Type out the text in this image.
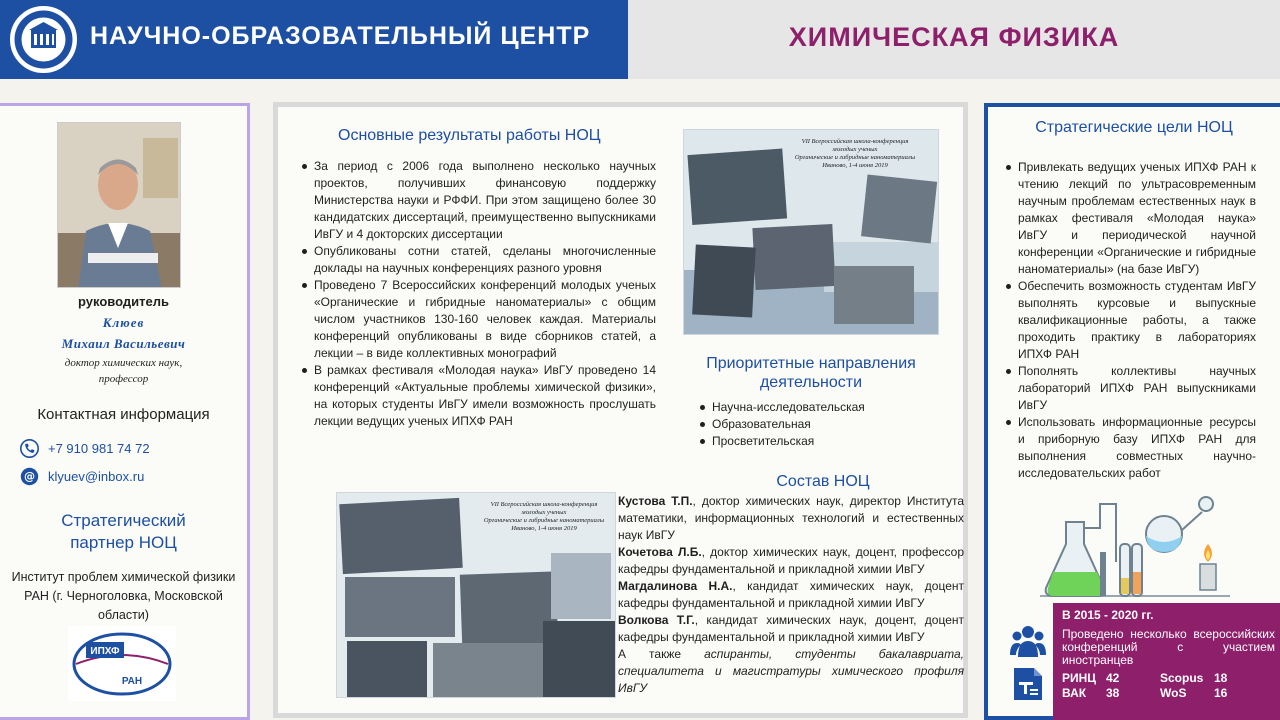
НАУЧНО-ОБРАЗОВАТЕЛЬНЫЙ ЦЕНТР	ХИМИЧЕСКАЯ ФИЗИКА
руководитель
Клюев
Михаил Васильевич
доктор химических наук,
профессор
Контактная информация
+7 910 981 74 72
@ klyuev@inbox.ru
Стратегический
партнер НОЦ
Институт проблем химической физики РАН (г. Черноголовка, Московской области)
ИПХФ
РАН
Основные результаты работы НОЦ
За период с 2006 года выполнено несколько научных проектов, получивших финансовую поддержку Министерства науки и РФФИ. При этом защищено более 30 кандидатских диссертаций, преимущественно выпускниками ИвГУ и 4 докторских диссертации
Опубликованы сотни статей, сделаны многочисленные доклады на научных конференциях разного уровня
Проведено 7 Всероссийских конференций молодых ученых «Органические и гибридные наноматериалы» с общим числом участников 130-160 человек каждая. Материалы конференций опубликованы в виде сборников статей, а лекции – в виде коллективных монографий
В рамках фестиваля «Молодая наука» ИвГУ проведено 14 конференций «Актуальные проблемы химической физики», на которых студенты ИвГУ имели возможность прослушать лекции ведущих ученых ИПХФ РАН
VII Всероссийская школа-конференция
молодых ученых
Органические и гибридные наноматериалы
Иваново, 1-4 июня 2019
Приоритетные направления
деятельности
Научна-исследовательская
Образовательная
Просветительская
Состав НОЦ
VII Всероссийская школа-конференция
молодых ученых
Органические и гибридные наноматериалы
Иваново, 1-4 июня 2019
Кустова Т.П., доктор химических наук, директор Института математики, информационных технологий и естественных наук ИвГУ
Кочетова Л.Б., доктор химических наук, доцент, профессор кафедры фундаментальной и прикладной химии ИвГУ
Магдалинова Н.А., кандидат химических наук, доцент кафедры фундаментальной и прикладной химии ИвГУ
Волкова Т.Г., кандидат химических наук, доцент, доцент кафедры фундаментальной и прикладной химии ИвГУ
А также аспиранты, студенты бакалавриата, специалитета и магистратуры химического профиля ИвГУ
Стратегические цели НОЦ
Привлекать ведущих ученых ИПХФ РАН к чтению лекций по ультрасовременным научным проблемам естественных наук в рамках фестиваля «Молодая наука» ИвГУ и периодической научной конференции «Органические и гибридные наноматериалы» (на базе ИвГУ)
Обеспечить возможность студентам ИвГУ выполнять курсовые и выпускные квалификационные работы, а также проходить практику в лабораториях ИПХФ РАН
Пополнять коллективы научных лабораторий ИПХФ РАН выпускниками ИвГУ
Использовать информационные ресурсы и приборную базу ИПХФ РАН для выполнения совместных научно-исследовательских работ
В 2015 - 2020 гг.
Проведено несколько всероссийских конференций с участием иностранцев
РИНЦ 42	Scopus 18
ВАК	38	WoS	16
